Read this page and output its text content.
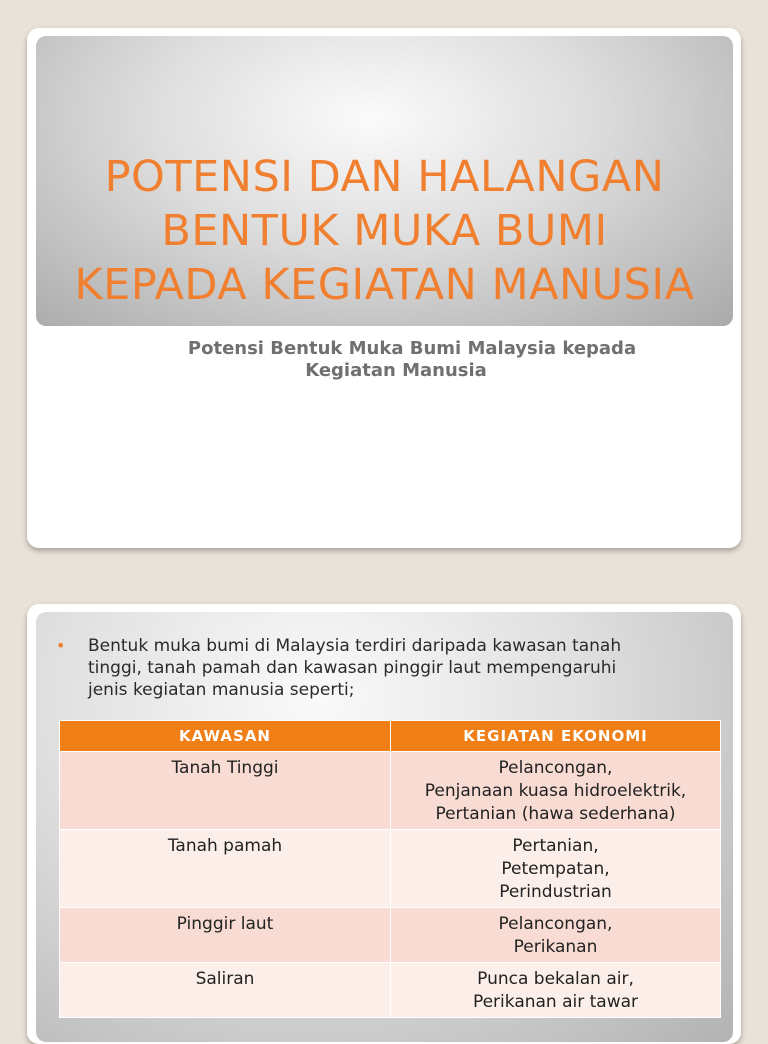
POTENSI DAN HALANGAN
BENTUK MUKA BUMI
KEPADA KEGIATAN MANUSIA
Potensi Bentuk Muka Bumi Malaysia kepada
Kegiatan Manusia
• Bentuk muka bumi di Malaysia terdiri daripada kawasan tanah
tinggi, tanah pamah dan kawasan pinggir laut mempengaruhi
jenis kegiatan manusia seperti;
KAWASAN	KEGIATAN EKONOMI
Tanah Tinggi	Pelancongan,
Penjanaan kuasa hidroelektrik,
Pertanian (hawa sederhana)

Tanah pamah	Pertanian,
Petempatan,
Perindustrian

Pinggir laut	Pelancongan,
Perikanan

Saliran	Punca bekalan air,
Perikanan air tawar
